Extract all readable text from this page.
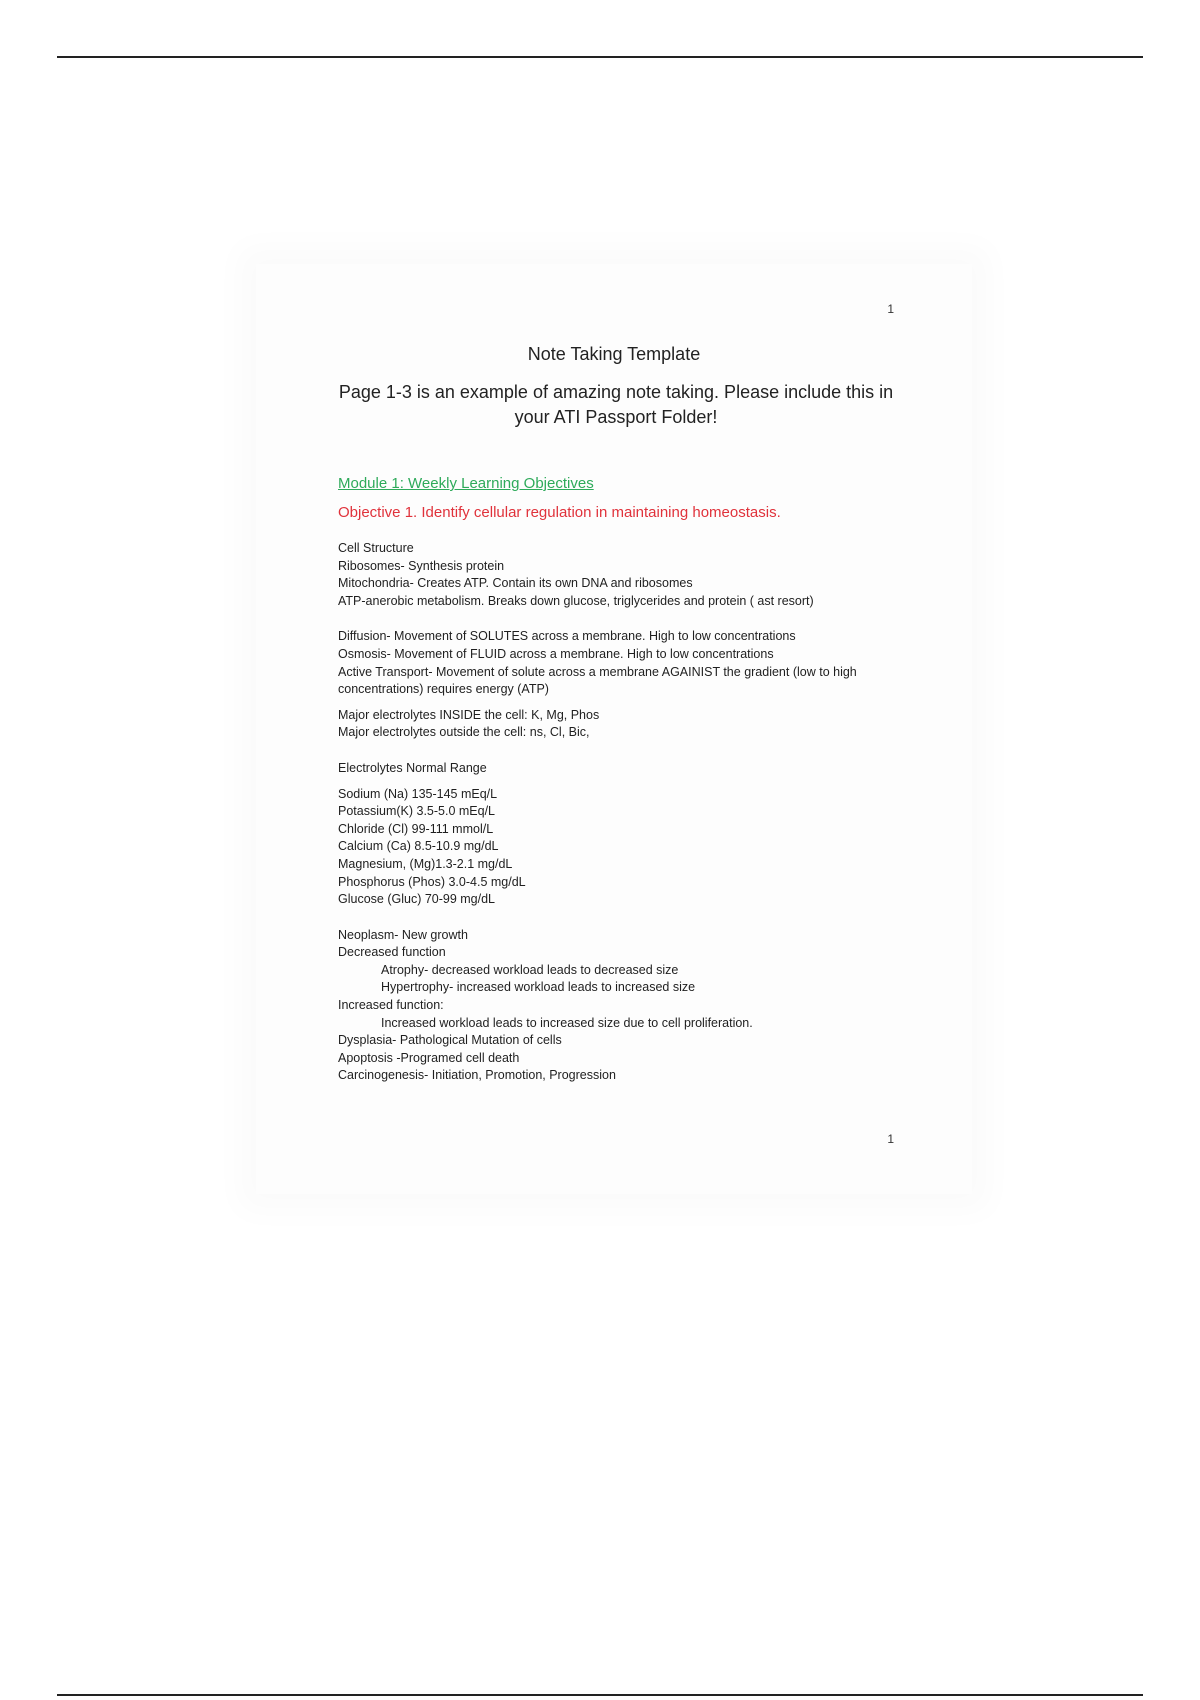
1
Note Taking Template
Page 1-3 is an example of amazing note taking. Please include this in your ATI Passport Folder!
Module 1: Weekly Learning Objectives
Objective 1. Identify cellular regulation in maintaining homeostasis.
Cell Structure
Ribosomes- Synthesis protein
Mitochondria- Creates ATP. Contain its own DNA and ribosomes
ATP-anerobic metabolism. Breaks down glucose, triglycerides and protein ( ast resort)
Diffusion- Movement of SOLUTES across a membrane. High to low concentrations
Osmosis- Movement of FLUID across a membrane. High to low concentrations
Active Transport- Movement of solute across a membrane AGAINIST the gradient (low to high concentrations) requires energy (ATP)
Major electrolytes INSIDE the cell: K, Mg, Phos
Major electrolytes outside the cell: ns, Cl, Bic,
Electrolytes Normal Range
Sodium (Na) 135-145 mEq/L
Potassium(K) 3.5-5.0 mEq/L
Chloride (Cl) 99-111 mmol/L
Calcium (Ca) 8.5-10.9 mg/dL
Magnesium, (Mg)1.3-2.1 mg/dL
Phosphorus (Phos) 3.0-4.5 mg/dL
Glucose (Gluc) 70-99 mg/dL
Neoplasm- New growth
Decreased function
Atrophy- decreased workload leads to decreased size
Hypertrophy- increased workload leads to increased size
Increased function:
Increased workload leads to increased size due to cell proliferation.
Dysplasia- Pathological Mutation of cells
Apoptosis -Programed cell death
Carcinogenesis- Initiation, Promotion, Progression
1
